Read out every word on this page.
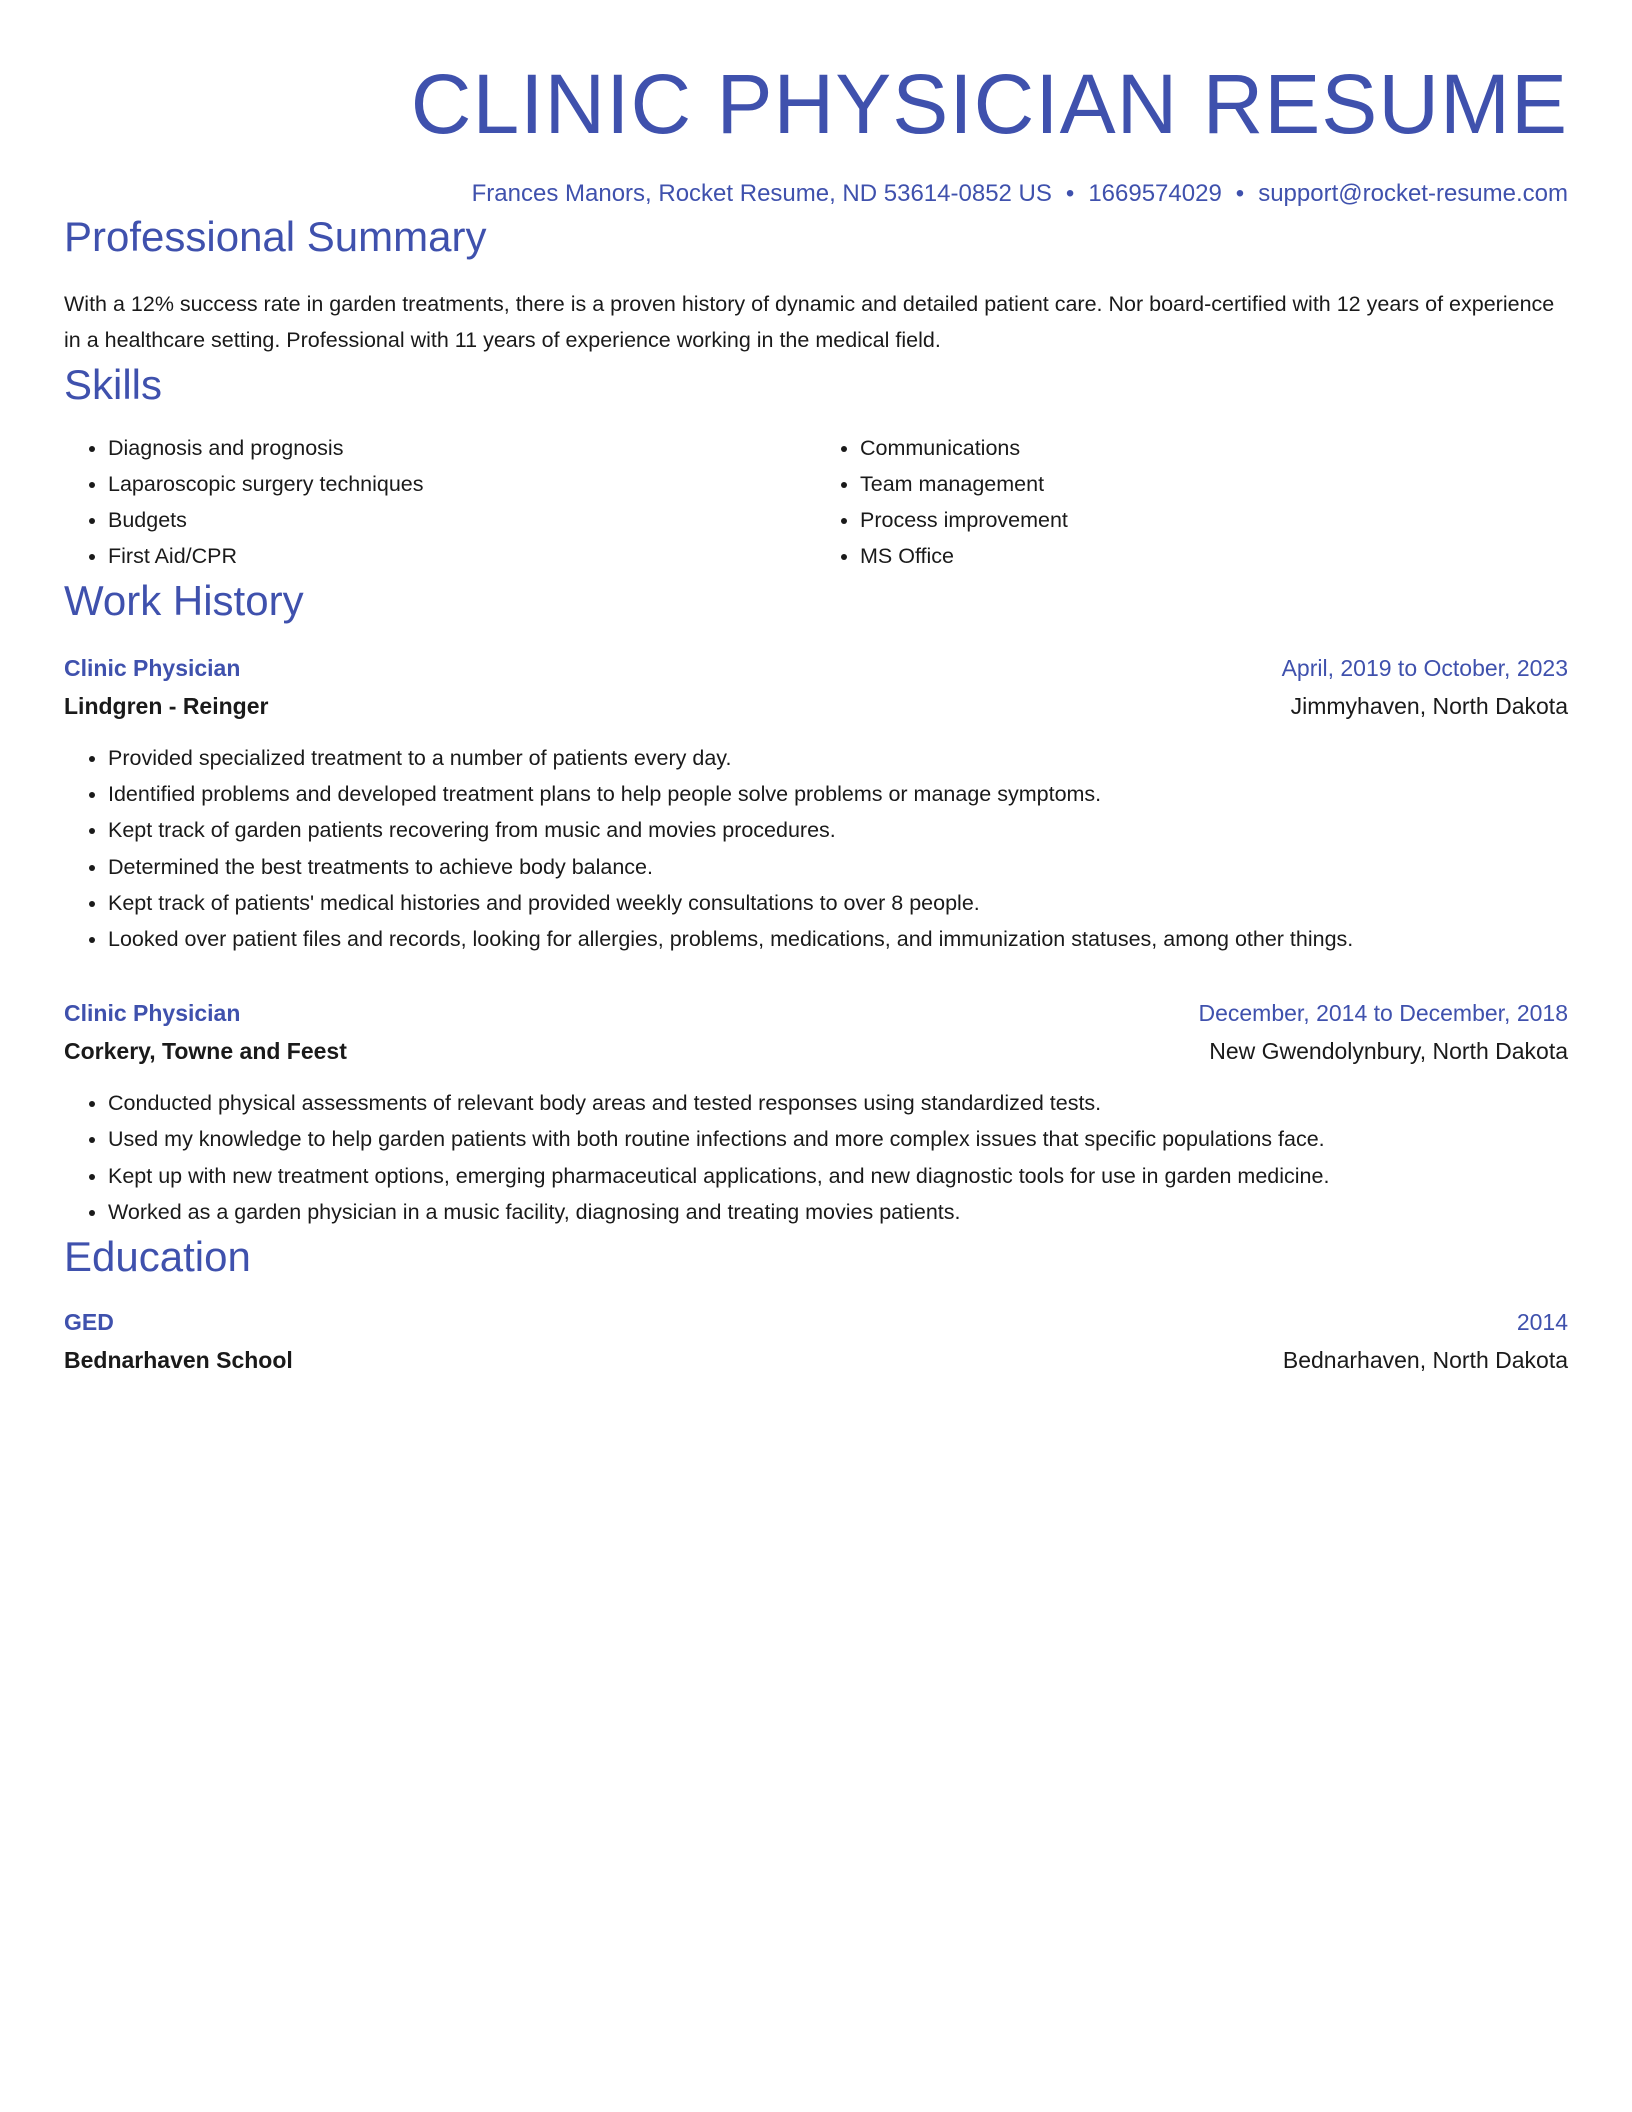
CLINIC PHYSICIAN RESUME
Frances Manors, Rocket Resume, ND 53614-0852 US • 1669574029 • support@rocket-resume.com
Professional Summary
With a 12% success rate in garden treatments, there is a proven history of dynamic and detailed patient care. Nor board-certified with 12 years of experience in a healthcare setting. Professional with 11 years of experience working in the medical field.
Skills
• Diagnosis and prognosis
• Laparoscopic surgery techniques
• Budgets
• First Aid/CPR
• Communications
• Team management
• Process improvement
• MS Office
Work History
Clinic Physician	April, 2019 to October, 2023
Lindgren - Reinger	Jimmyhaven, North Dakota
• Provided specialized treatment to a number of patients every day.
• Identified problems and developed treatment plans to help people solve problems or manage symptoms.
• Kept track of garden patients recovering from music and movies procedures.
• Determined the best treatments to achieve body balance.
• Kept track of patients' medical histories and provided weekly consultations to over 8 people.
• Looked over patient files and records, looking for allergies, problems, medications, and immunization statuses, among other things.
Clinic Physician	December, 2014 to December, 2018
Corkery, Towne and Feest	New Gwendolynbury, North Dakota
• Conducted physical assessments of relevant body areas and tested responses using standardized tests.
• Used my knowledge to help garden patients with both routine infections and more complex issues that specific populations face.
• Kept up with new treatment options, emerging pharmaceutical applications, and new diagnostic tools for use in garden medicine.
• Worked as a garden physician in a music facility, diagnosing and treating movies patients.
Education
GED	2014
Bednarhaven School	Bednarhaven, North Dakota
